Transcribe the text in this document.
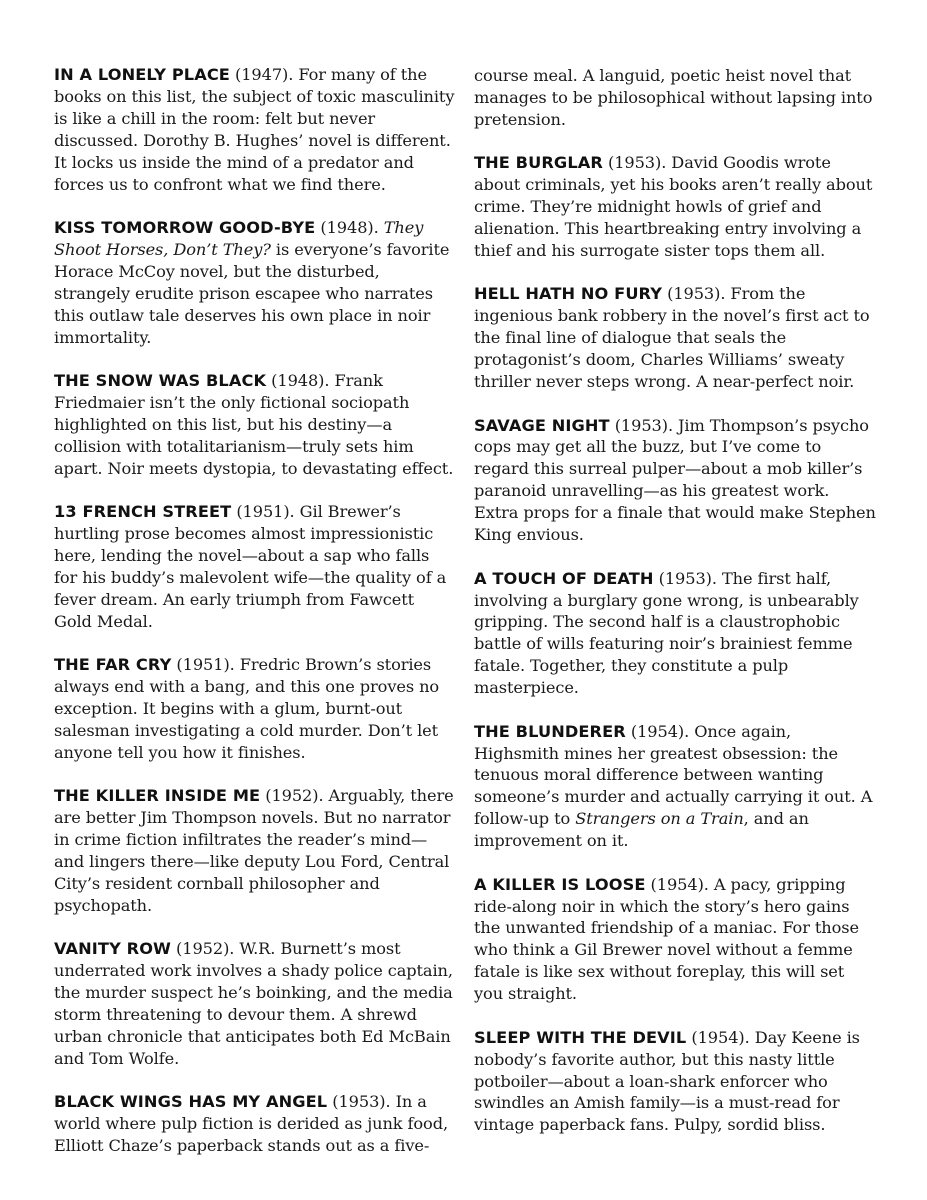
IN A LONELY PLACE (1947). For many of the books on this list, the subject of toxic masculinity is like a chill in the room: felt but never discussed. Dorothy B. Hughes’ novel is different. It locks us inside the mind of a predator and forces us to confront what we find there.

KISS TOMORROW GOOD-BYE (1948). They Shoot Horses, Don’t They? is everyone’s favorite Horace McCoy novel, but the disturbed, strangely erudite prison escapee who narrates this outlaw tale deserves his own place in noir immortality.

THE SNOW WAS BLACK (1948). Frank Friedmaier isn’t the only fictional sociopath highlighted on this list, but his destiny—a collision with totalitarianism—truly sets him apart. Noir meets dystopia, to devastating effect.

13 FRENCH STREET (1951). Gil Brewer’s hurtling prose becomes almost impressionistic here, lending the novel—about a sap who falls for his buddy’s malevolent wife—the quality of a fever dream. An early triumph from Fawcett Gold Medal.

THE FAR CRY (1951). Fredric Brown’s stories always end with a bang, and this one proves no exception. It begins with a glum, burnt-out salesman investigating a cold murder. Don’t let anyone tell you how it finishes.

THE KILLER INSIDE ME (1952). Arguably, there are better Jim Thompson novels. But no narrator in crime fiction infiltrates the reader’s mind—and lingers there—like deputy Lou Ford, Central City’s resident cornball philosopher and psychopath.

VANITY ROW (1952). W.R. Burnett’s most underrated work involves a shady police captain, the murder suspect he’s boinking, and the media storm threatening to devour them. A shrewd urban chronicle that anticipates both Ed McBain and Tom Wolfe.

BLACK WINGS HAS MY ANGEL (1953). In a world where pulp fiction is derided as junk food, Elliott Chaze’s paperback stands out as a five-

course meal. A languid, poetic heist novel that manages to be philosophical without lapsing into pretension.

THE BURGLAR (1953). David Goodis wrote about criminals, yet his books aren’t really about crime. They’re midnight howls of grief and alienation. This heartbreaking entry involving a thief and his surrogate sister tops them all.

HELL HATH NO FURY (1953). From the ingenious bank robbery in the novel’s first act to the final line of dialogue that seals the protagonist’s doom, Charles Williams’ sweaty thriller never steps wrong. A near-perfect noir.

SAVAGE NIGHT (1953). Jim Thompson’s psycho cops may get all the buzz, but I’ve come to regard this surreal pulper—about a mob killer’s paranoid unravelling—as his greatest work. Extra props for a finale that would make Stephen King envious.

A TOUCH OF DEATH (1953). The first half, involving a burglary gone wrong, is unbearably gripping. The second half is a claustrophobic battle of wills featuring noir’s brainiest femme fatale. Together, they constitute a pulp masterpiece.

THE BLUNDERER (1954). Once again, Highsmith mines her greatest obsession: the tenuous moral difference between wanting someone’s murder and actually carrying it out. A follow-up to Strangers on a Train, and an improvement on it.

A KILLER IS LOOSE (1954). A pacy, gripping ride-along noir in which the story’s hero gains the unwanted friendship of a maniac. For those who think a Gil Brewer novel without a femme fatale is like sex without foreplay, this will set you straight.

SLEEP WITH THE DEVIL (1954). Day Keene is nobody’s favorite author, but this nasty little potboiler—about a loan-shark enforcer who swindles an Amish family—is a must-read for vintage paperback fans. Pulpy, sordid bliss.
